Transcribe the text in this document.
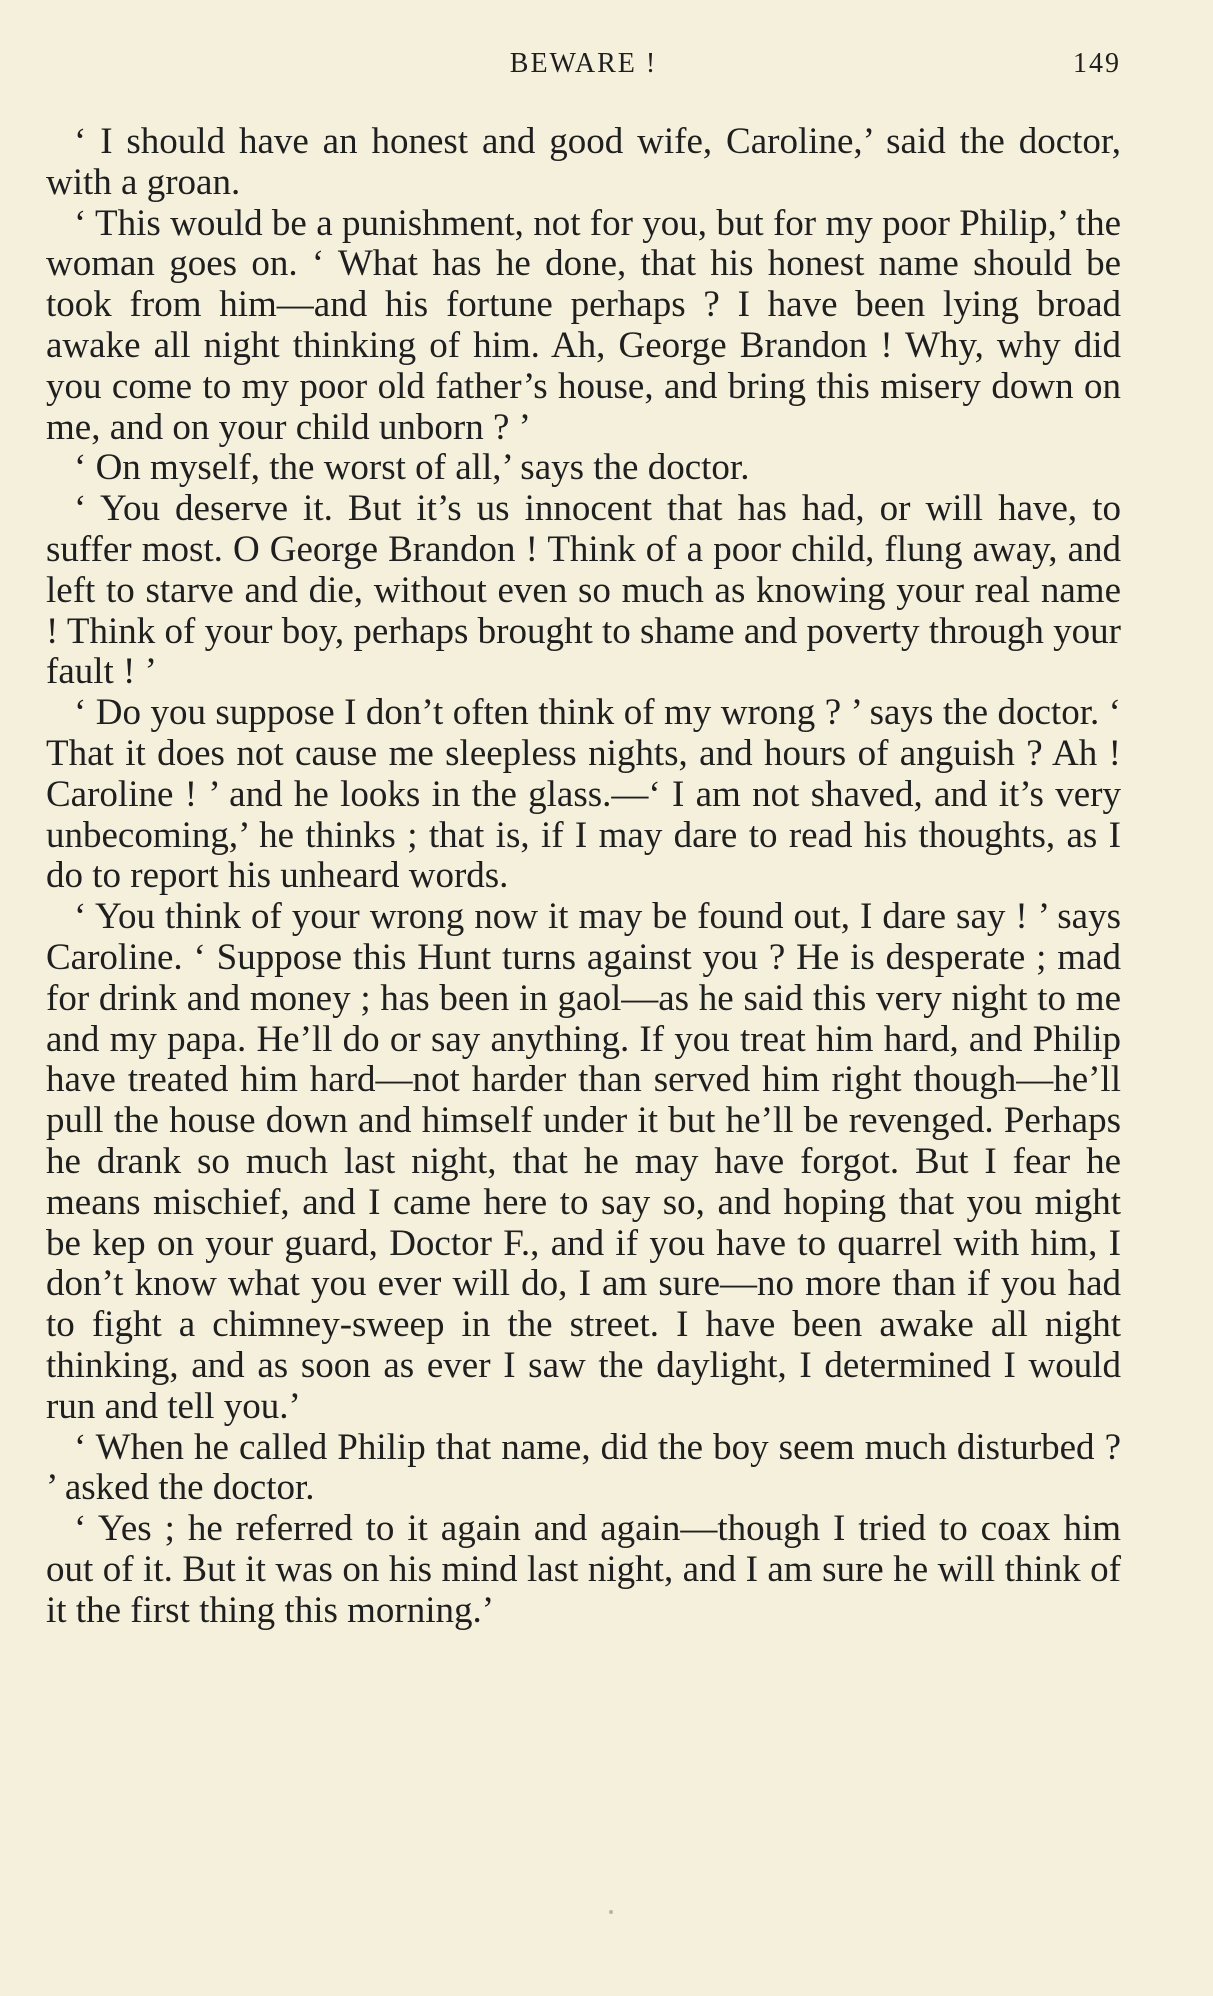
BEWARE !	149

‘ I should have an honest and good wife, Caroline,’ said the doctor, with a groan.

‘ This would be a punishment, not for you, but for my poor Philip,’ the woman goes on. ‘ What has he done, that his honest name should be took from him—and his fortune perhaps ? I have been lying broad awake all night thinking of him. Ah, George Brandon ! Why, why did you come to my poor old father’s house, and bring this misery down on me, and on your child unborn ? ’

‘ On myself, the worst of all,’ says the doctor.

‘ You deserve it. But it’s us innocent that has had, or will have, to suffer most. O George Brandon ! Think of a poor child, flung away, and left to starve and die, without even so much as knowing your real name ! Think of your boy, perhaps brought to shame and poverty through your fault ! ’

‘ Do you suppose I don’t often think of my wrong ? ’ says the doctor. ‘ That it does not cause me sleepless nights, and hours of anguish ? Ah ! Caroline ! ’ and he looks in the glass.—‘ I am not shaved, and it’s very unbecoming,’ he thinks ; that is, if I may dare to read his thoughts, as I do to report his unheard words.

‘ You think of your wrong now it may be found out, I dare say ! ’ says Caroline. ‘ Suppose this Hunt turns against you ? He is desperate ; mad for drink and money ; has been in gaol—as he said this very night to me and my papa. He’ll do or say anything. If you treat him hard, and Philip have treated him hard—not harder than served him right though—he’ll pull the house down and himself under it but he’ll be revenged. Perhaps he drank so much last night, that he may have forgot. But I fear he means mischief, and I came here to say so, and hoping that you might be kep on your guard, Doctor F., and if you have to quarrel with him, I don’t know what you ever will do, I am sure—no more than if you had to fight a chimney-sweep in the street. I have been awake all night thinking, and as soon as ever I saw the daylight, I determined I would run and tell you.’

‘ When he called Philip that name, did the boy seem much disturbed ? ’ asked the doctor.

‘ Yes ; he referred to it again and again—though I tried to coax him out of it. But it was on his mind last night, and I am sure he will think of it the first thing this morning.’
